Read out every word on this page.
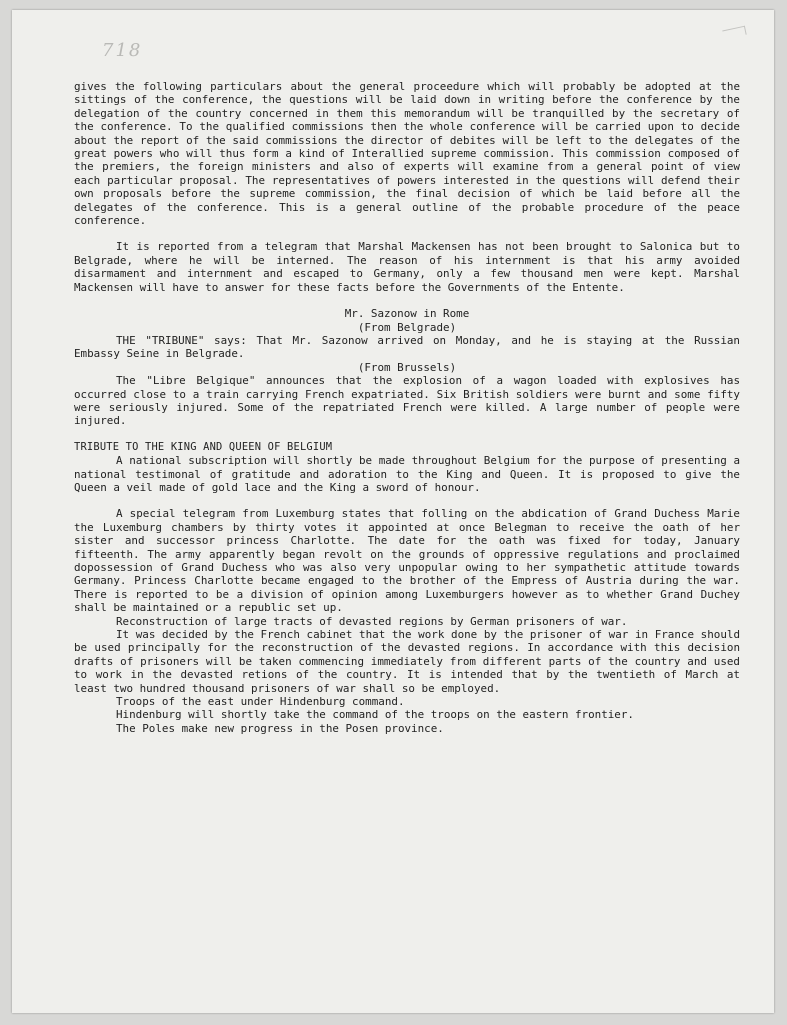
718

gives the following particulars about the general proceedure which will probably be adopted at the sittings of the conference, the questions will be laid down in writing before the conference by the delegation of the country concerned in them this memorandum will be tranquilled by the secretary of the conference. To the qualified commissions then the whole conference will be carried upon to decide about the report of the said commissions the director of debites will be left to the delegates of the great powers who will thus form a kind of Interallied supreme commission. This commission composed of the premiers, the foreign ministers and also of experts will examine from a general point of view each particular proposal. The representatives of powers interested in the questions will defend their own proposals before the supreme commission, the final decision of which be laid before all the delegates of the conference. This is a general outline of the probable procedure of the peace conference.

It is reported from a telegram that Marshal Mackensen has not been brought to Salonica but to Belgrade, where he will be interned. The reason of his internment is that his army avoided disarmament and internment and escaped to Germany, only a few thousand men were kept. Marshal Mackensen will have to answer for these facts before the Governments of the Entente.

Mr. Sazonow in Rome

(From Belgrade)

THE "TRIBUNE" says: That Mr. Sazonow arrived on Monday, and he is staying at the Russian Embassy Seine in Belgrade.

(From Brussels)

The "Libre Belgique" announces that the explosion of a wagon loaded with explosives has occurred close to a train carrying French expatriated. Six British soldiers were burnt and some fifty were seriously injured. Some of the repatriated French were killed. A large number of people were injured.

TRIBUTE TO THE KING AND QUEEN OF BELGIUM

A national subscription will shortly be made throughout Belgium for the purpose of presenting a national testimonal of gratitude and adoration to the King and Queen. It is proposed to give the Queen a veil made of gold lace and the King a sword of honour.

A special telegram from Luxemburg states that folling on the abdication of Grand Duchess Marie the Luxemburg chambers by thirty votes it appointed at once Belegman to receive the oath of her sister and successor princess Charlotte. The date for the oath was fixed for today, January fifteenth. The army apparently began revolt on the grounds of oppressive regulations and proclaimed dopossession of Grand Duchess who was also very unpopular owing to her sympathetic attitude towards Germany. Princess Charlotte became engaged to the brother of the Empress of Austria during the war. There is reported to be a division of opinion among Luxemburgers however as to whether Grand Duchey shall be maintained or a republic set up.

Reconstruction of large tracts of devasted regions by German prisoners of war.

It was decided by the French cabinet that the work done by the prisoner of war in France should be used principally for the reconstruction of the devasted regions. In accordance with this decision drafts of prisoners will be taken commencing immediately from different parts of the country and used to work in the devasted retions of the country. It is intended that by the twentieth of March at least two hundred thousand prisoners of war shall so be employed.

Troops of the east under Hindenburg command.

Hindenburg will shortly take the command of the troops on the eastern frontier.

The Poles make new progress in the Posen province.
